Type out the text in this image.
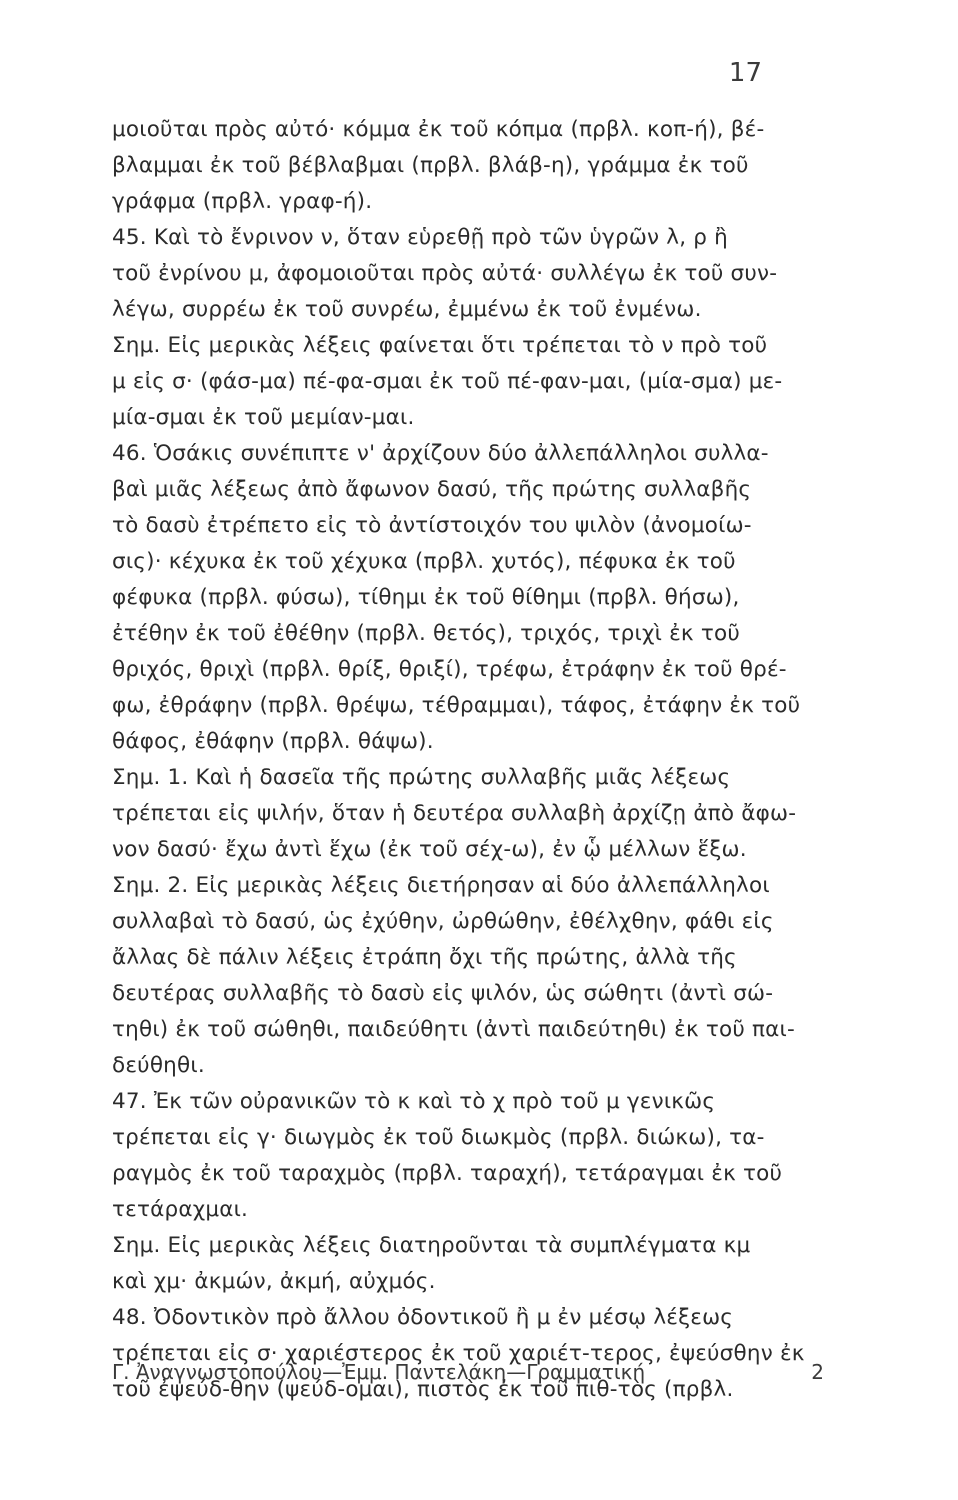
17
μοιοῦται πρὸς αὐτό· κόμμα ἐκ τοῦ κόπμα (πρβλ. κοπ-ή), βέ-
βλαμμαι ἐκ τοῦ βέβλαβμαι (πρβλ. βλάβ-η), γράμμα ἐκ τοῦ
γράφμα (πρβλ. γραφ-ή).
45. Καὶ τὸ ἔνρινον ν, ὅταν εὑρεθῇ πρὸ τῶν ὑγρῶν λ, ρ ἢ
τοῦ ἐνρίνου μ, ἀφομοιοῦται πρὸς αὐτά· συλλέγω ἐκ τοῦ συν-
λέγω, συρρέω ἐκ τοῦ συνρέω, ἐμμένω ἐκ τοῦ ἐνμένω.
Σημ. Εἰς μερικὰς λέξεις φαίνεται ὅτι τρέπεται τὸ ν πρὸ τοῦ
μ εἰς σ· (φάσ-μα) πέ-φα-σμαι ἐκ τοῦ πέ-φαν-μαι, (μία-σμα) με-
μία-σμαι ἐκ τοῦ μεμίαν-μαι.
46. Ὁσάκις συνέπιπτε ν' ἀρχίζουν δύο ἀλλεπάλληλοι συλλα-
βαὶ μιᾶς λέξεως ἀπὸ ἄφωνον δασύ, τῆς πρώτης συλλαβῆς
τὸ δασὺ ἐτρέπετο εἰς τὸ ἀντίστοιχόν του ψιλὸν (ἀνομοίω-
σις)· κέχυκα ἐκ τοῦ χέχυκα (πρβλ. χυτός), πέφυκα ἐκ τοῦ
φέφυκα (πρβλ. φύσω), τίθημι ἐκ τοῦ θίθημι (πρβλ. θήσω),
ἐτέθην ἐκ τοῦ ἐθέθην (πρβλ. θετός), τριχός, τριχὶ ἐκ τοῦ
θριχός, θριχὶ (πρβλ. θρίξ, θριξί), τρέφω, ἐτράφην ἐκ τοῦ θρέ-
φω, ἐθράφην (πρβλ. θρέψω, τέθραμμαι), τάφος, ἐτάφην ἐκ τοῦ
θάφος, ἐθάφην (πρβλ. θάψω).
Σημ. 1. Καὶ ἡ δασεῖα τῆς πρώτης συλλαβῆς μιᾶς λέξεως
τρέπεται εἰς ψιλήν, ὅταν ἡ δευτέρα συλλαβὴ ἀρχίζῃ ἀπὸ ἄφω-
νον δασύ· ἔχω ἀντὶ ἕχω (ἐκ τοῦ σέχ-ω), ἐν ᾧ μέλλων ἕξω.
Σημ. 2. Εἰς μερικὰς λέξεις διετήρησαν αἱ δύο ἀλλεπάλληλοι
συλλαβαὶ τὸ δασύ, ὡς ἐχύθην, ὠρθώθην, ἐθέλχθην, φάθι εἰς
ἄλλας δὲ πάλιν λέξεις ἐτράπη ὄχι τῆς πρώτης, ἀλλὰ τῆς
δευτέρας συλλαβῆς τὸ δασὺ εἰς ψιλόν, ὡς σώθητι (ἀντὶ σώ-
τηθι) ἐκ τοῦ σώθηθι, παιδεύθητι (ἀντὶ παιδεύτηθι) ἐκ τοῦ παι-
δεύθηθι.
47. Ἐκ τῶν οὐρανικῶν τὸ κ καὶ τὸ χ πρὸ τοῦ μ γενικῶς
τρέπεται εἰς γ· διωγμὸς ἐκ τοῦ διωκμὸς (πρβλ. διώκω), τα-
ραγμὸς ἐκ τοῦ ταραχμὸς (πρβλ. ταραχή), τετάραγμαι ἐκ τοῦ
τετάραχμαι.
Σημ. Εἰς μερικὰς λέξεις διατηροῦνται τὰ συμπλέγματα κμ
καὶ χμ· ἀκμών, ἀκμή, αὐχμός.
48. Ὀδοντικὸν πρὸ ἄλλου ὀδοντικοῦ ἢ μ ἐν μέσῳ λέξεως
τρέπεται εἰς σ· χαριέστερος ἐκ τοῦ χαριέτ-τερος, ἐψεύσθην ἐκ
τοῦ ἐψεύδ-θην (ψεύδ-ομαι), πιστὸς ἐκ τοῦ πιθ-τὸς (πρβλ.
Γ. Ἀναγνωστοπούλου—Ἐμμ. Παντελάκη—Γραμματική	2
